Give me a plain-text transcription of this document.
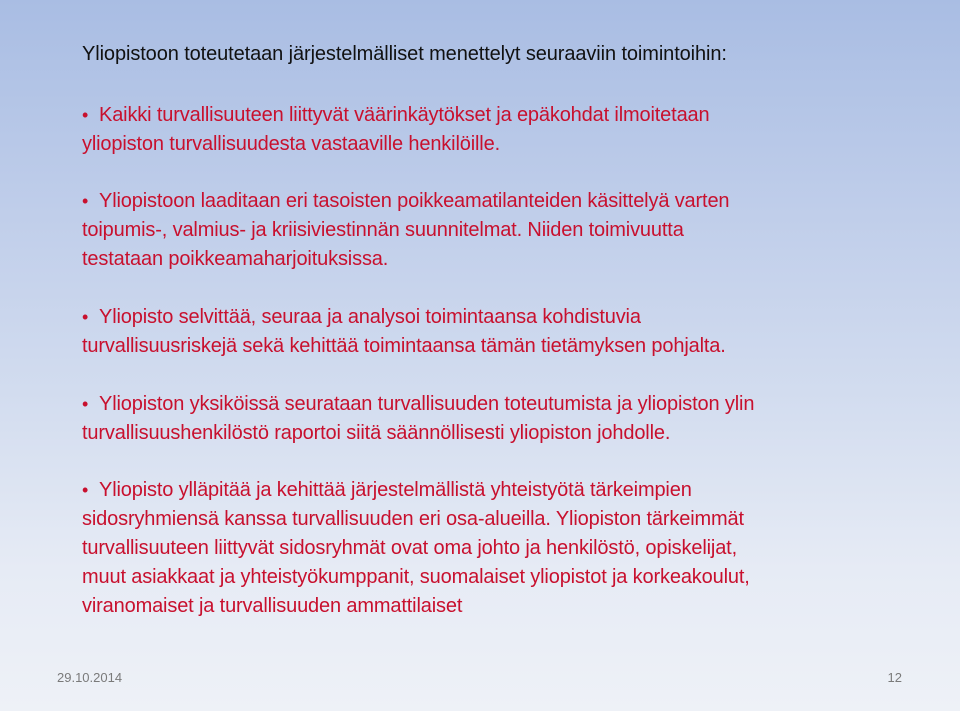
Yliopistoon toteutetaan järjestelmälliset menettelyt seuraaviin toimintoihin:
• Kaikki turvallisuuteen liittyvät väärinkäytökset ja epäkohdat ilmoitetaan
yliopiston turvallisuudesta vastaaville henkilöille.
• Yliopistoon laaditaan eri tasoisten poikkeamatilanteiden käsittelyä varten
toipumis-, valmius- ja kriisiviestinnän suunnitelmat. Niiden toimivuutta
testataan poikkeamaharjoituksissa.
• Yliopisto selvittää, seuraa ja analysoi toimintaansa kohdistuvia
turvallisuusriskejä sekä kehittää toimintaansa tämän tietämyksen pohjalta.
• Yliopiston yksiköissä seurataan turvallisuuden toteutumista ja yliopiston ylin
turvallisuushenkilöstö raportoi siitä säännöllisesti yliopiston johdolle.
• Yliopisto ylläpitää ja kehittää järjestelmällistä yhteistyötä tärkeimpien
sidosryhmiensä kanssa turvallisuuden eri osa-alueilla. Yliopiston tärkeimmät
turvallisuuteen liittyvät sidosryhmät ovat oma johto ja henkilöstö, opiskelijat,
muut asiakkaat ja yhteistyökumppanit, suomalaiset yliopistot ja korkeakoulut,
viranomaiset ja turvallisuuden ammattilaiset
29.10.2014	12
